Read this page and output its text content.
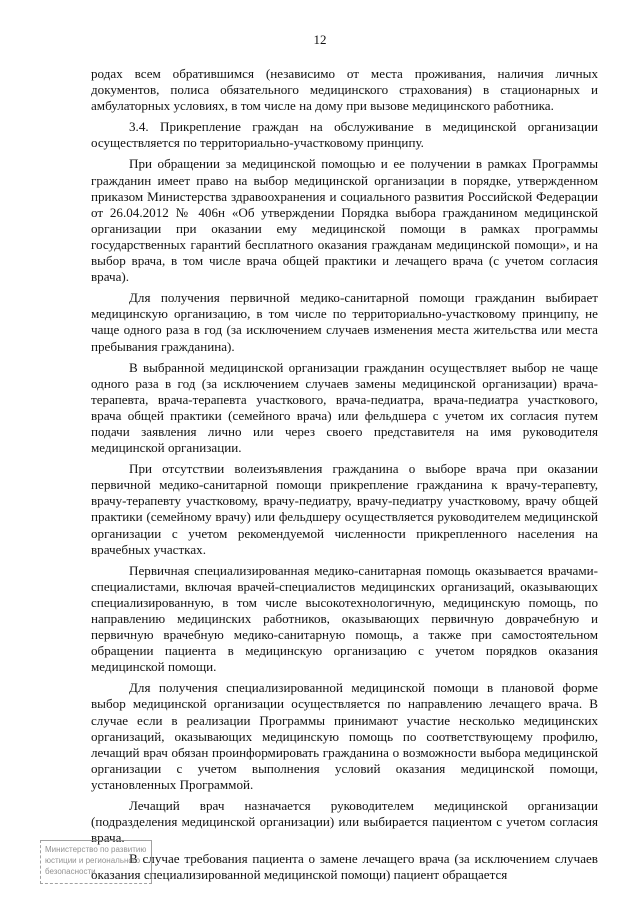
12

родах всем обратившимся (независимо от места проживания, наличия личных документов, полиса обязательного медицинского страхования) в стационарных и амбулаторных условиях, в том числе на дому при вызове медицинского работника.

3.4. Прикрепление граждан на обслуживание в медицинской организации осуществляется по территориально-участковому принципу.

При обращении за медицинской помощью и ее получении в рамках Программы гражданин имеет право на выбор медицинской организации в порядке, утвержденном приказом Министерства здравоохранения и социального развития Российской Федерации от 26.04.2012 № 406н «Об утверждении Порядка выбора гражданином медицинской организации при оказании ему медицинской помощи в рамках программы государственных гарантий бесплатного оказания гражданам медицинской помощи», и на выбор врача, в том числе врача общей практики и лечащего врача (с учетом согласия врача).

Для получения первичной медико-санитарной помощи гражданин выбирает медицинскую организацию, в том числе по территориально-участковому принципу, не чаще одного раза в год (за исключением случаев изменения места жительства или места пребывания гражданина).

В выбранной медицинской организации гражданин осуществляет выбор не чаще одного раза в год (за исключением случаев замены медицинской организации) врача-терапевта, врача-терапевта участкового, врача-педиатра, врача-педиатра участкового, врача общей практики (семейного врача) или фельдшера с учетом их согласия путем подачи заявления лично или через своего представителя на имя руководителя медицинской организации.

При отсутствии волеизъявления гражданина о выборе врача при оказании первичной медико-санитарной помощи прикрепление гражданина к врачу-терапевту, врачу-терапевту участковому, врачу-педиатру, врачу-педиатру участковому, врачу общей практики (семейному врачу) или фельдшеру осуществляется руководителем медицинской организации с учетом рекомендуемой численности прикрепленного населения на врачебных участках.

Первичная специализированная медико-санитарная помощь оказывается врачами-специалистами, включая врачей-специалистов медицинских организаций, оказывающих специализированную, в том числе высокотехнологичную, медицинскую помощь, по направлению медицинских работников, оказывающих первичную доврачебную и первичную врачебную медико-санитарную помощь, а также при самостоятельном обращении пациента в медицинскую организацию с учетом порядков оказания медицинской помощи.

Для получения специализированной медицинской помощи в плановой форме выбор медицинской организации осуществляется по направлению лечащего врача. В случае если в реализации Программы принимают участие несколько медицинских организаций, оказывающих медицинскую помощь по соответствующему профилю, лечащий врач обязан проинформировать гражданина о возможности выбора медицинской организации с учетом выполнения условий оказания медицинской помощи, установленных Программой.

Лечащий врач назначается руководителем медицинской организации (подразделения медицинской организации) или выбирается пациентом с учетом согласия врача.

В случае требования пациента о замене лечащего врача (за исключением случаев оказания специализированной медицинской помощи) пациент обращается

Министерство по развитию
юстиции и регионального
безопасности
